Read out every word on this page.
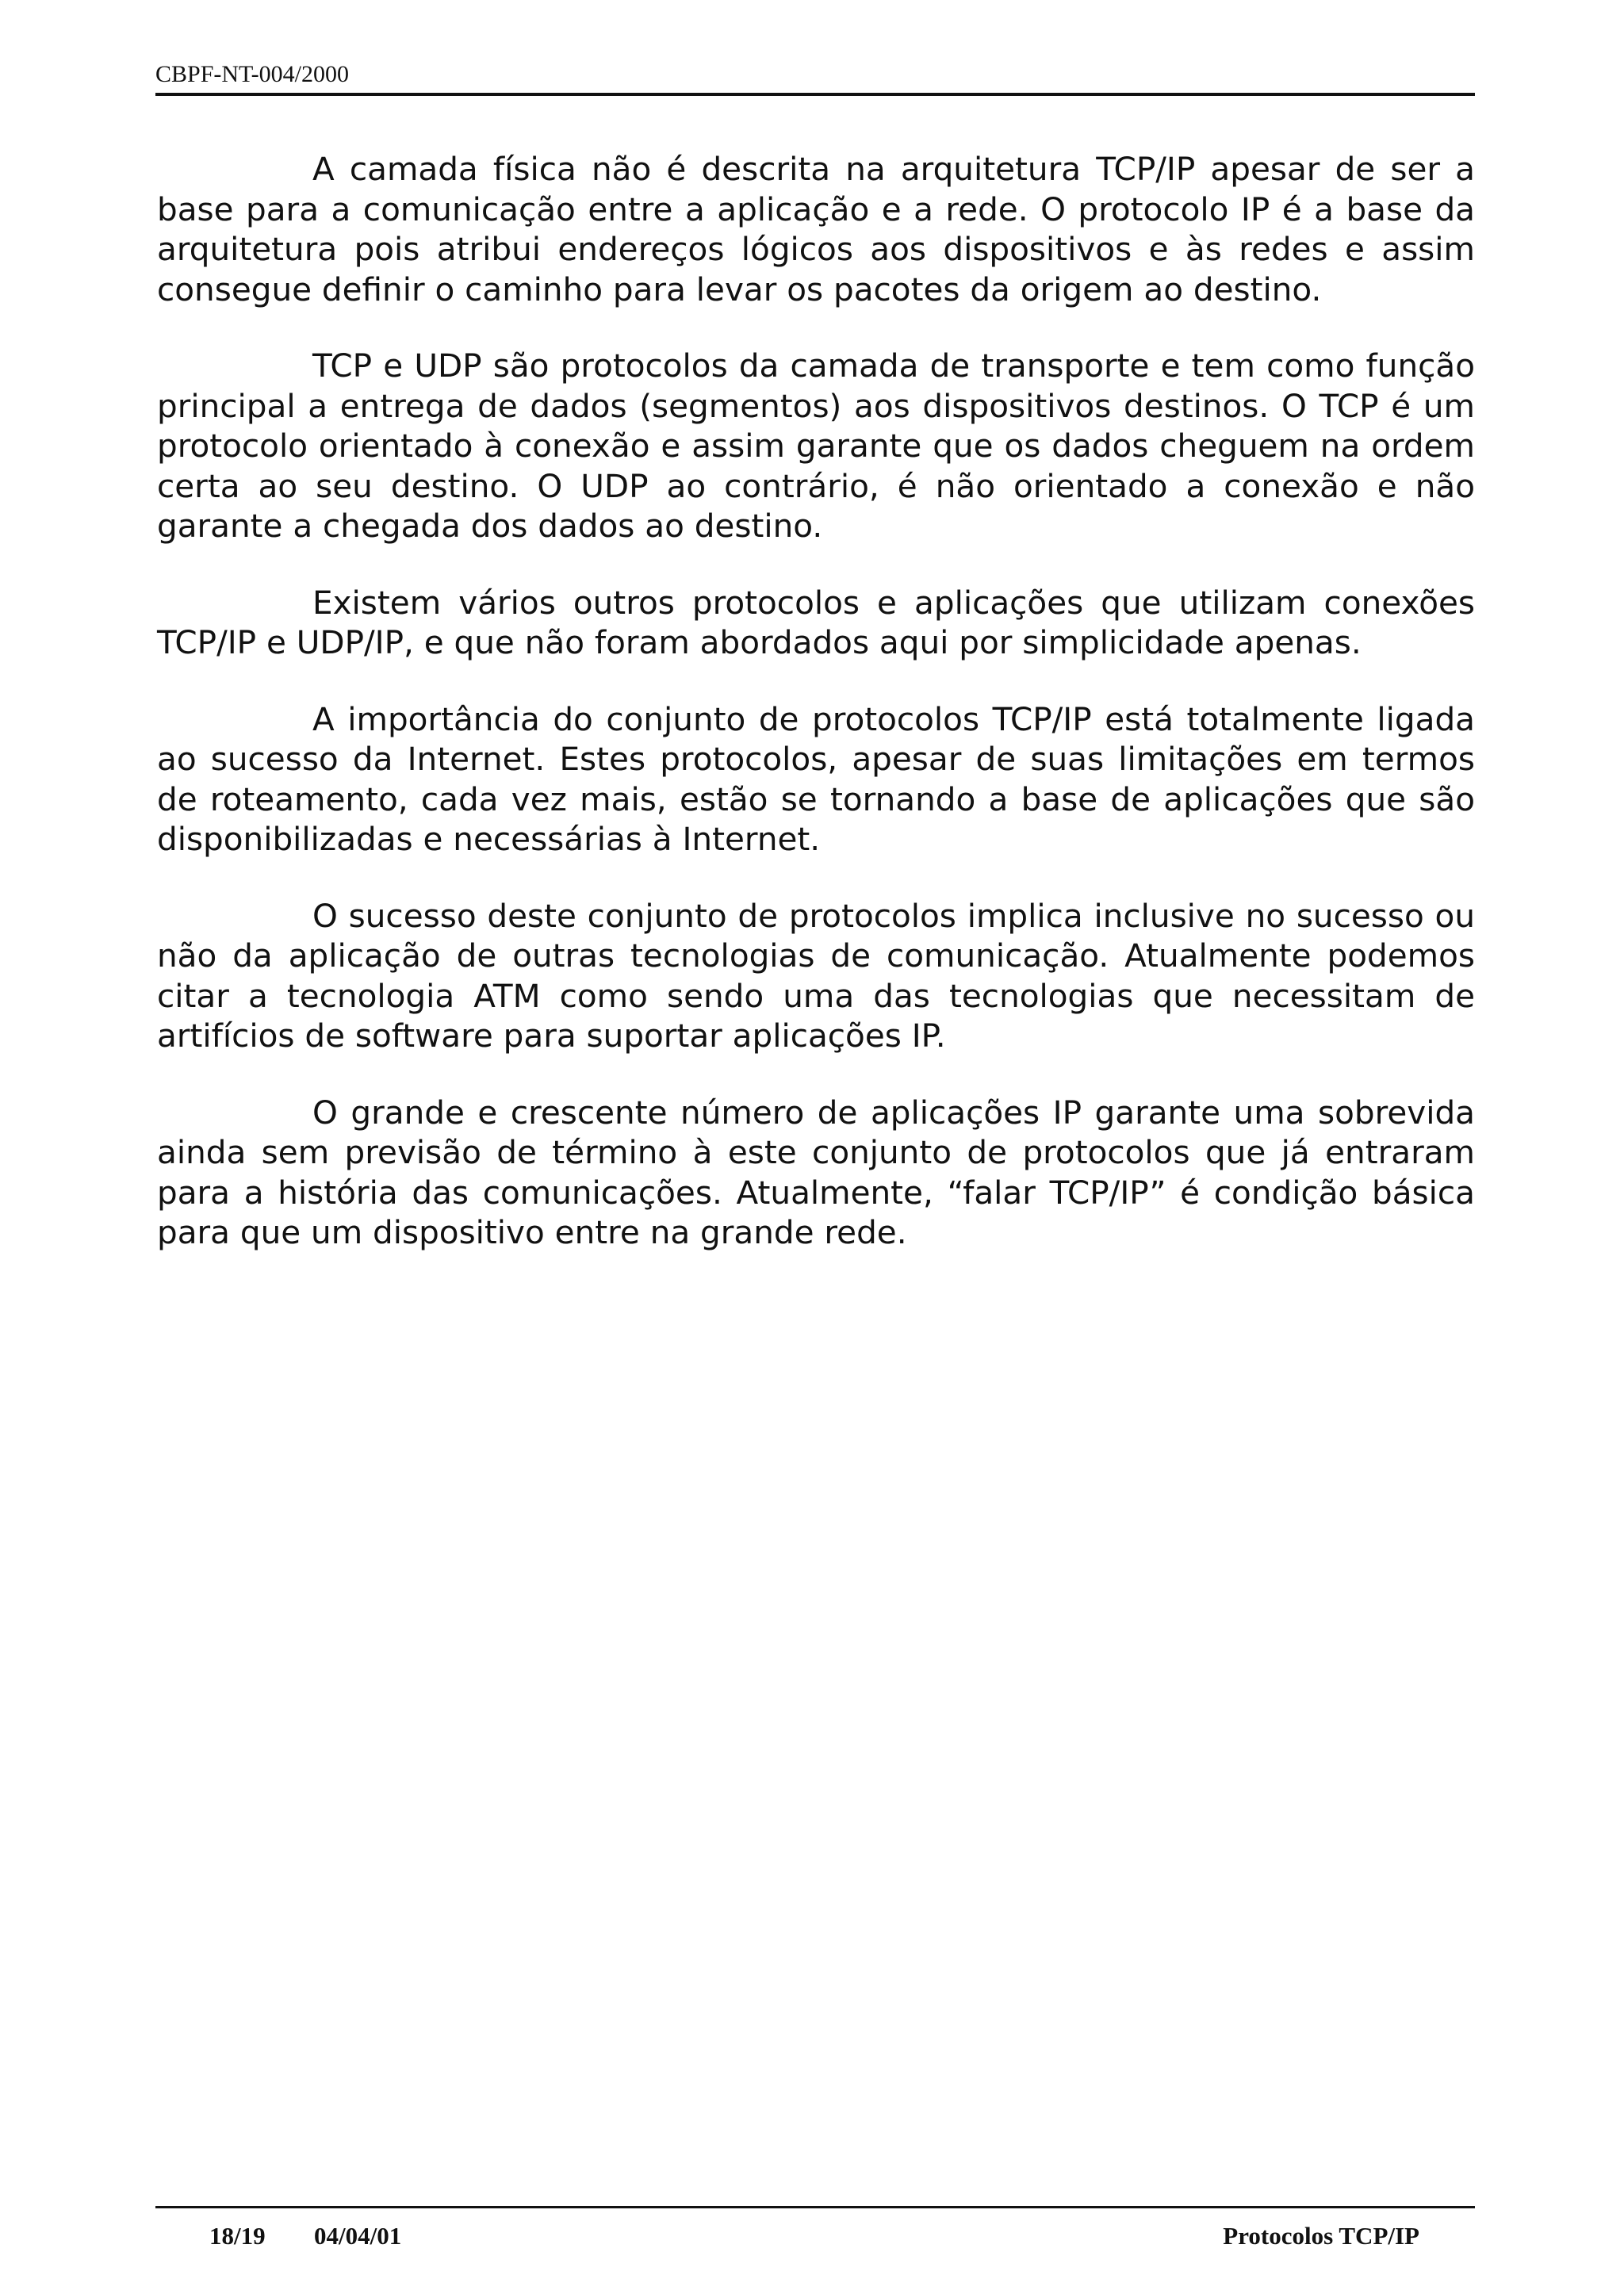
CBPF-NT-004/2000

A camada física não é descrita na arquitetura TCP/IP apesar de ser a base para a comunicação entre a aplicação e a rede. O protocolo IP é a base da arquitetura pois atribui endereços lógicos aos dispositivos e às redes e assim consegue definir o caminho para levar os pacotes da origem ao destino.

TCP e UDP são protocolos da camada de transporte e tem como função principal a entrega de dados (segmentos) aos dispositivos destinos. O TCP é um protocolo orientado à conexão e assim garante que os dados cheguem na ordem certa ao seu destino. O UDP ao contrário, é não orientado a conexão e não garante a chegada dos dados ao destino.

Existem vários outros protocolos e aplicações que utilizam conexões TCP/IP e UDP/IP, e que não foram abordados aqui por simplicidade apenas.

A importância do conjunto de protocolos TCP/IP está totalmente ligada ao sucesso da Internet. Estes protocolos, apesar de suas limitações em termos de roteamento, cada vez mais, estão se tornando a base de aplicações que são disponibilizadas e necessárias à Internet.

O sucesso deste conjunto de protocolos implica inclusive no sucesso ou não da aplicação de outras tecnologias de comunicação. Atualmente podemos citar a tecnologia ATM como sendo uma das tecnologias que necessitam de artifícios de software para suportar aplicações IP.

O grande e crescente número de aplicações IP garante uma sobrevida ainda sem previsão de término à este conjunto de protocolos que já entraram para a história das comunicações. Atualmente, “falar TCP/IP” é condição básica para que um dispositivo entre na grande rede.

18/19 04/04/01	Protocolos TCP/IP
